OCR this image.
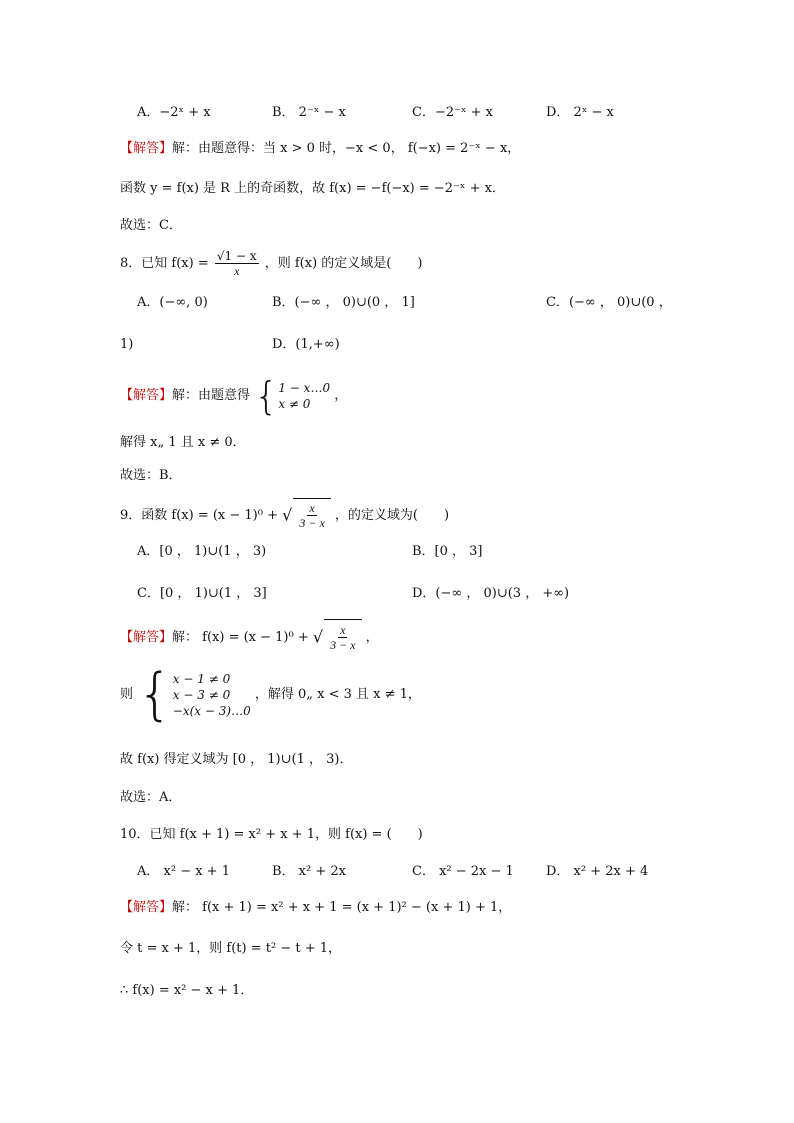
A．−2ˣ + x	B． 2⁻ˣ − x	C．−2⁻ˣ + x	D． 2ˣ − x
【解答】解：由题意得：当 x > 0 时，−x < 0， f(−x) = 2⁻ˣ − x，
函数 y = f(x) 是 R 上的奇函数，故 f(x) = −f(−x) = −2⁻ˣ + x．
故选：C．
8．已知 $f(x) = \frac{√1 - x}{x}$ ，则 f(x) 的定义域是(　　)
A．(−∞, 0)	B．(−∞ ， 0)∪(0 ， 1]	C．(−∞ ， 0)∪(0 ，
1)	D．(1,+∞)
【解答】解：由题意得 { 1 − x…0
x ≠ 0
，
解得 x„ 1 且 x ≠ 0．
故选：B．
9．函数 f(x) = (x − 1)⁰ + √ $\frac{x}{3 - x}$ ，的定义域为(　　)
A．[0 ， 1)∪(1 ， 3)	B．[0 ， 3]
C．[0 ， 1)∪(1 ， 3]	D．(−∞ ， 0)∪(3 ， +∞)
【解答】解： f(x) = (x − 1)⁰ + √ $\frac{x}{3 - x}$ ，
则 { x − 1 ≠ 0
x − 3 ≠ 0
−x(x − 3)…0
，解得 0„ x < 3 且 x ≠ 1，
故 f(x) 得定义域为 [0 ， 1)∪(1 ， 3)．
故选：A．
10．已知 f(x + 1) = x² + x + 1，则 f(x) = (　　)
A． x² − x + 1	B． x² + 2x	C． x² − 2x − 1 D． x² + 2x + 4
【解答】解： f(x + 1) = x² + x + 1 = (x + 1)² − (x + 1) + 1，
令 t = x + 1，则 f(t) = t² − t + 1，
∴ f(x) = x² − x + 1．
